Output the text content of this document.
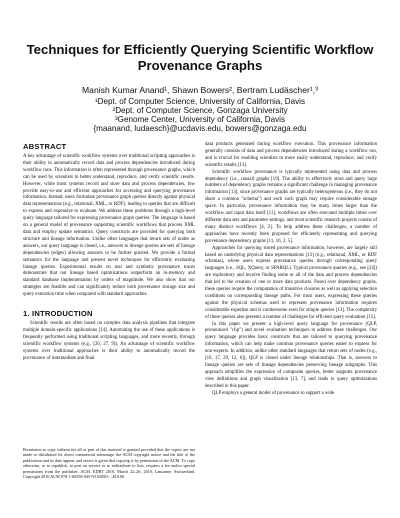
Techniques for Efficiently Querying Scientific Workflow
Provenance Graphs
Manish Kumar Anand¹, Shawn Bowers², Bertram Ludäscher¹,³
¹Dept. of Computer Science, University of California, Davis
²Dept. of Computer Science, Gonzaga University
³Genome Center, University of California, Davis
{maanand, ludaesch}@ucdavis.edu, bowers@gonzaga.edu
ABSTRACT

A key advantage of scientific workflow systems over traditional scripting approaches is their ability to automatically record data and process dependencies introduced during workflow runs. This information is often represented through provenance graphs, which can be used by scientists to better understand, reproduce, and verify scientific results. However, while most systems record and store data and process dependencies, few provide easy-to-use and efficient approaches for accessing and querying provenance information. Instead, users formulate provenance graph queries directly against physical data representations (e.g., relational, XML, or RDF), leading to queries that are difficult to express and expensive to evaluate. We address these problems through a high-level query language tailored for expressing provenance graph queries. The language is based on a general model of provenance supporting scientific workflows that process XML data and employ update semantics. Query constructs are provided for querying both structure and lineage information. Unlike other languages that return sets of nodes as answers, our query language is closed, i.e., answers to lineage queries are sets of lineage dependencies (edges) allowing answers to be further queried. We provide a formal semantics for the language and present novel techniques for efficiently evaluating lineage queries. Experimental results on real and synthetic provenance traces demonstrate that our lineage based optimizations outperform an in-memory and standard database implementation by orders of magnitude. We also show that our strategies are feasible and can significantly reduce both provenance storage size and query execution time when compared with standard approaches.

1. INTRODUCTION

Scientific results are often based on complex data analysis pipelines that integrate multiple domain-specific applications [14]. Automating the use of these applications is frequently performed using traditional scripting languages, and more recently, through scientific workflow systems (e.g., [20, 27, 9]). An advantage of scientific workflow systems over traditional approaches is their ability to automatically record the provenance of intermediate and final

Permission to copy without fee all or part of this material is granted provided that the copies are not made or distributed for direct commercial advantage, the ACM copyright notice and the title of the publication and its date appear, and notice is given that copying is by permission of the ACM. To copy otherwise, or to republish, to post on servers or to redistribute to lists, requires a fee and/or special permissions from the publisher, ACM. EDBT 2010, March 22–26, 2010, Lausanne, Switzerland. Copyright 2010 ACM 978-1-60558-945-9/10/0003 ...$10.00

data products generated during workflow execution. This provenance information generally consists of data and process dependencies introduced during a workflow run, and is crucial for enabling scientists to more easily understand, reproduce, and verify scientific results [13].

Scientific workflow provenance is typically represented using data and process dependency (i.e., causal) graphs [19]. The ability to effectively store and query large numbers of dependency graphs remains a significant challenge in managing provenance information [13], since provenance graphs are typically heterogeneous (i.e., they do not share a common "schema") and each such graph may require considerable storage space. In particular, provenance information may be many times larger than the workflow and input data itself [11], workflows are often executed multiple times over different data sets and parameter settings, and most scientific research projects consist of many distinct workflows [4, 2]. To help address these challenges, a number of approaches have recently been proposed for efficiently representing and querying provenance dependency graphs [11, 16, 2, 5].

Approaches for querying stored provenance information, however, are largely still based on underlying physical data representations [13] (e.g., relational, XML, or RDF schemas), where users express provenance queries through corresponding query languages (i.e., SQL, XQuery, or SPARQL). Typical provenance queries (e.g., see [24]) are exploratory and involve finding some or all of the data and process dependencies that led to the creation of one or more data products. Posed over dependency graphs, these queries require the computation of transitive closures as well as applying selection conditions on corresponding lineage paths. For most users, expressing these queries against the physical schemas used to represent provenance information requires considerable expertise and is cumbersome even for simple queries [13]. The complexity of these queries also presents a number of challenges for efficient query evaluation [15].

In this paper we present a high-level query language for provenance (QLP, pronounced "clip") and novel evaluation techniques to address these challenges. Our query language provides basic constructs that are tailored to querying provenance information, which can help make common provenance queries easier to express for non-experts. In addition, unlike other standard languages that return sets of nodes (e.g., [10, 17, 29, 12, 6]), QLP is closed under lineage relationships. That is, answers to lineage queries are sets of lineage dependencies preserving lineage subgraphs. This approach simplifies the expression of composite queries, better supports provenance view definitions and graph visualization [13, 7], and leads to query optimizations described in this paper.

QLP employs a general model of provenance to support a wide
